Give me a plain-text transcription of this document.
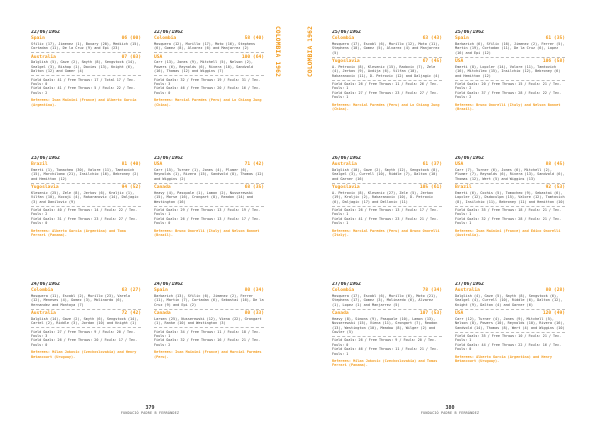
22/06/1962
Spain	06 (00)
Sfilic (17), Jimenez (1), Bovary (20), Mediich (15), Cortadan (11), De la Cruz (9) and Epi (23)
Australia	07 (03)
Dalglish (5), Gaze (2), Smyth (8), Sengstock (14), Sealgel (3), Bishop (1), Davies (13), Knight (6), Dalton (12) and Gamer (4)
Field Goals: 41 / Free Throws: 17 / Total 17 / Tec. Fouls: 0
Field Goals: 41 / Free Throws: 5 / Fouls: 22 / Tec. Fouls: 2
Referees: Ivan Mainini (France) and Alberto Garcia (Argentina).
23/06/1962
Brazil	81 (40)
Emerti (1), Tomacheo (30), Valore (11), Tamtovich (15), Marchilomo (21), Insilchio (16), Bebroney (2) and Hemitton (12)
Yugoslavia	94 (52)
Klesenic (25), Zele (8), Jerkov (6), Kraljic (1), Vilfan (10), Kocaji (4), Rakaranovic (14), Daljagic (3) and Danilovic (9)
Field Goals: 40 / Free Throws: 14 / Fouls: 22 / Tec. Fouls: 2
Field Goals: 31 / Free Throws: 23 / Fouls: 27 / Tec. Fouls: 0
Referees: Alberto Garcia (Argentina) and Toma Ferrari (Panama).
24/06/1962
Colombia	63 (27)
Mosquera (11), Escobl (2), Murillo (23), Varela (12), Meneses (4), Gomez (3), Molinardo (6), Hernandez and Montoya (7)
Australia	72 (42)
Dalglish (14), Gaze (2), Smyth (6), Sengstock (14), Cartel (2), Riddle (3), Jordan (10) and Knight (1)
Field Goals: 27 / Free Throws: 9 / Fouls: 20 / Tec. Fouls: 3
Field Goals: 26 / Free Throws: 20 / Fouls: 17 / Tec. Fouls: 0
Referees: Milan Jokovic (Czechoslovakia) and Henry Betancourt (Uruguay).
22/06/1962
Colombia	58 (40)
Mosquera (12), Murillo (17), Moto (16), Stephens (6), Gomez (8), Alvarez (6) and Manjarrez (2)
USA	100 (64)
Carr (13), Jones (9), Mitchell (5), Nelson (2), Powers (6), Reynolds (6), Rivera (10), Sandvold (16), Thomas (12) and Wiggins (7)
Field Goals: 32 / Free Throws: 19 / Fouls: 31 / Tec. Fouls: 3
Field Goals: 46 / Free Throws: 20 / Fouls: 16 / Tec. Fouls: 0
Referees: Marcial Paredes (Peru) and Lo Chiang Jung (China).
23/06/1962
USA	71 (42)
Carr (15), Turner (1), Jones (4), Plumer (6), Reynolds (1), Rivera (15), Sandvold (8), Thomas (12) and Wiggins (2)
Canada	68 (35)
Heavy (4), Pasquale (1), Lamon (2), Nusserewski (15), Morse (16), Crongart (8), Readon (14) and Westington (16)
Field Goals: 29 / Free Throws: 13 / Fouls: 19 / Tec. Fouls: 1
Field Goals: 26 / Free Throws: 13 / Fouls: 17 / Tec. Fouls: 0
Referees: Bruno Onorelli (Italy) and Nelson Bonnet (Brazil).
24/06/1962
Spain	80 (34)
Barbarich (13), Sfilic (6), Jimenez (2), Ferrer (11), Martin (7), Cortadan (6), Sebastai (16), De la Cruz (9) and Epi (2)
Canada	80 (33)
Larsen (25), Nusserewski (12), Viena (22), Grongart (1), Ranke (10) and Westington (3)
Field Goals: 34 / Free Throws: 11 / Fouls: 18 / Tec. Fouls: 1
Field Goals: 32 / Free Throws: 16 / Fouls: 21 / Tec. Fouls: 2
Referees: Ivan Mainini (France) and Marcial Paredes (Peru).
COLOMBIA 1962
379
FUNDACIÓ PADRE B FERRÁNDEZ
25/06/1962
Colombia	63 (43)
Mosquera (17), Escobl (6), Murillo (12), Moto (11), Stephens (10), Gomez (5), Alvarez (4) and Manjarrez (5)
Yugoslavia	67 (45)
A. Petrovic (8), Klesenic (15), Radovic (7), Zele (4), Jerkov (9), Avdija (6), Vilfan (10), Rakaranovic (11), D. Petrovic (12) and Daljagic (4)
Field Goals: 26 / Free Throws: 11 / Fouls: 26 / Tec. Fouls: 1
Field Goals: 27 / Free Throws: 23 / Fouls: 27 / Tec. Fouls: 1
Referees: Marcial Paredes (Peru) and Lo Chiang Jung (China).
26/06/1962
Australia	61 (37)
Dalglish (10), Gaze (2), Smyth (12), Sengstock (8), Sealgel (3), Currell (10), Riddle (7), Dalton (10) and Garner (16)
Yugoslavia	105 (61)
A. Petrovic (8), Klesenic (27), Zele (5), Jerkov (19), Kraljic (2), Rakaranovic (10), D. Petrovic (6), Daljagic (17) and Dellonic (11)
Field Goals: 26 / Free Throws: 13 / Fouls: 17 / Tec. Fouls: 1
Field Goals: 41 / Free Throws: 23 / Fouls: 21 / Tec. Fouls: 1
Referees: Marcial Paredes (Peru) and Bruno Onorelli (Italy).
27/06/1962
Colombia	78 (34)
Mosquera (17), Escobl (6), Murillo (6), Moto (21), Stephens (17), Gomez (3), Molinardo (6), Alvarez (1), Lopez (1) and Manjarrez (5)
Canada	107 (53)
Heavy (8), Simons (9), Pasquale (10), Lamon (13), Nusserewski (15), Viena (11), Grongart (7), Readon (13), Westington (10), Meadow (8), Wilger (2) and Cowler (5)
Field Goals: 26 / Free Throws: 9 / Fouls: 20 / Tec. Fouls: 0
Field Goals: 46 / Free Throws: 11 / Fouls: 21 / Tec. Fouls: 1
Referees: Milan Jokovic (Czechoslovakia) and Tomas Ferrari (Panama).
25/06/1962
Spain	61 (35)
Barbarich (6), Sfilic (16), Jimenez (2), Ferrer (5), Martin (19), Cortadan (11), De la Cruz (6), Lopez (16) and Epi (12)
USA	106 (58)
Emerti (8), Lopcler (14), Valore (11), Tamtovich (16), Mitchileo (15), Insilchio (12), Bebroney (6) and Hemitton (12)
Field Goals: 20 / Free Throws: 15 / Fouls: 21 / Tec. Fouls: 2
Field Goals: 37 / Free Throws: 28 / Fouls: 22 / Tec. Fouls: 2
Referees: Bruno Onorelli (Italy) and Nelson Bonnet (Brazil).
26/06/1962
USA	88 (45)
Carr (7), Turner (6), Jones (6), Mitchell (2), Plumer (7), Reynolds (6), Rivera (13), Sandvold (6), Thomas (12), Wert (5) and Wiggins (13)
Brazil	92 (53)
Emerti (6), Cochis (5), Tomacheo (9), Sebastai (6), Lopcler (12), Dsdoculpm (15), Valore (12), Tamtovich (8), Insilchio (11), Bebroney (11) and Hemitton (10)
Field Goals: 35 / Free Throws: 18 / Fouls: 21 / Tec. Fouls: 1
Field Goals: 32 / Free Throws: 28 / Fouls: 21 / Tec. Fouls: 1
Referees: Ivan Mainini (France) and Edico Onorelli (Australia).
27/06/1962
Australia	80 (28)
Dalglish (4), Gaze (5), Smyth (8), Sengstock (6), Sealgel (4), Currell (10), Riddle (6), Dalton (12), Knight (9), Dalton (4) and Garner (6)
USA	120 (49)
Carr (12), Turner (4), Jones (9), Mitchell (5), Nelson (8), Powers (10), Reynolds (10), Rivera (16), Sandvold (14), Thomas (8), Wert (4) and Wiggins (10)
Field Goals: 35 / Free Throws: 10 / Fouls: 21 / Tec. Fouls: 1
Field Goals: 44 / Free Throws: 22 / Fouls: 16 / Tec. Fouls: 0
Referees: Alberto Garcia (Argentina) and Henry Betancourt (Uruguay).
COLOMBIA 1962
380
FUNDACIÓ PADRE B FERRÁNDEZ
